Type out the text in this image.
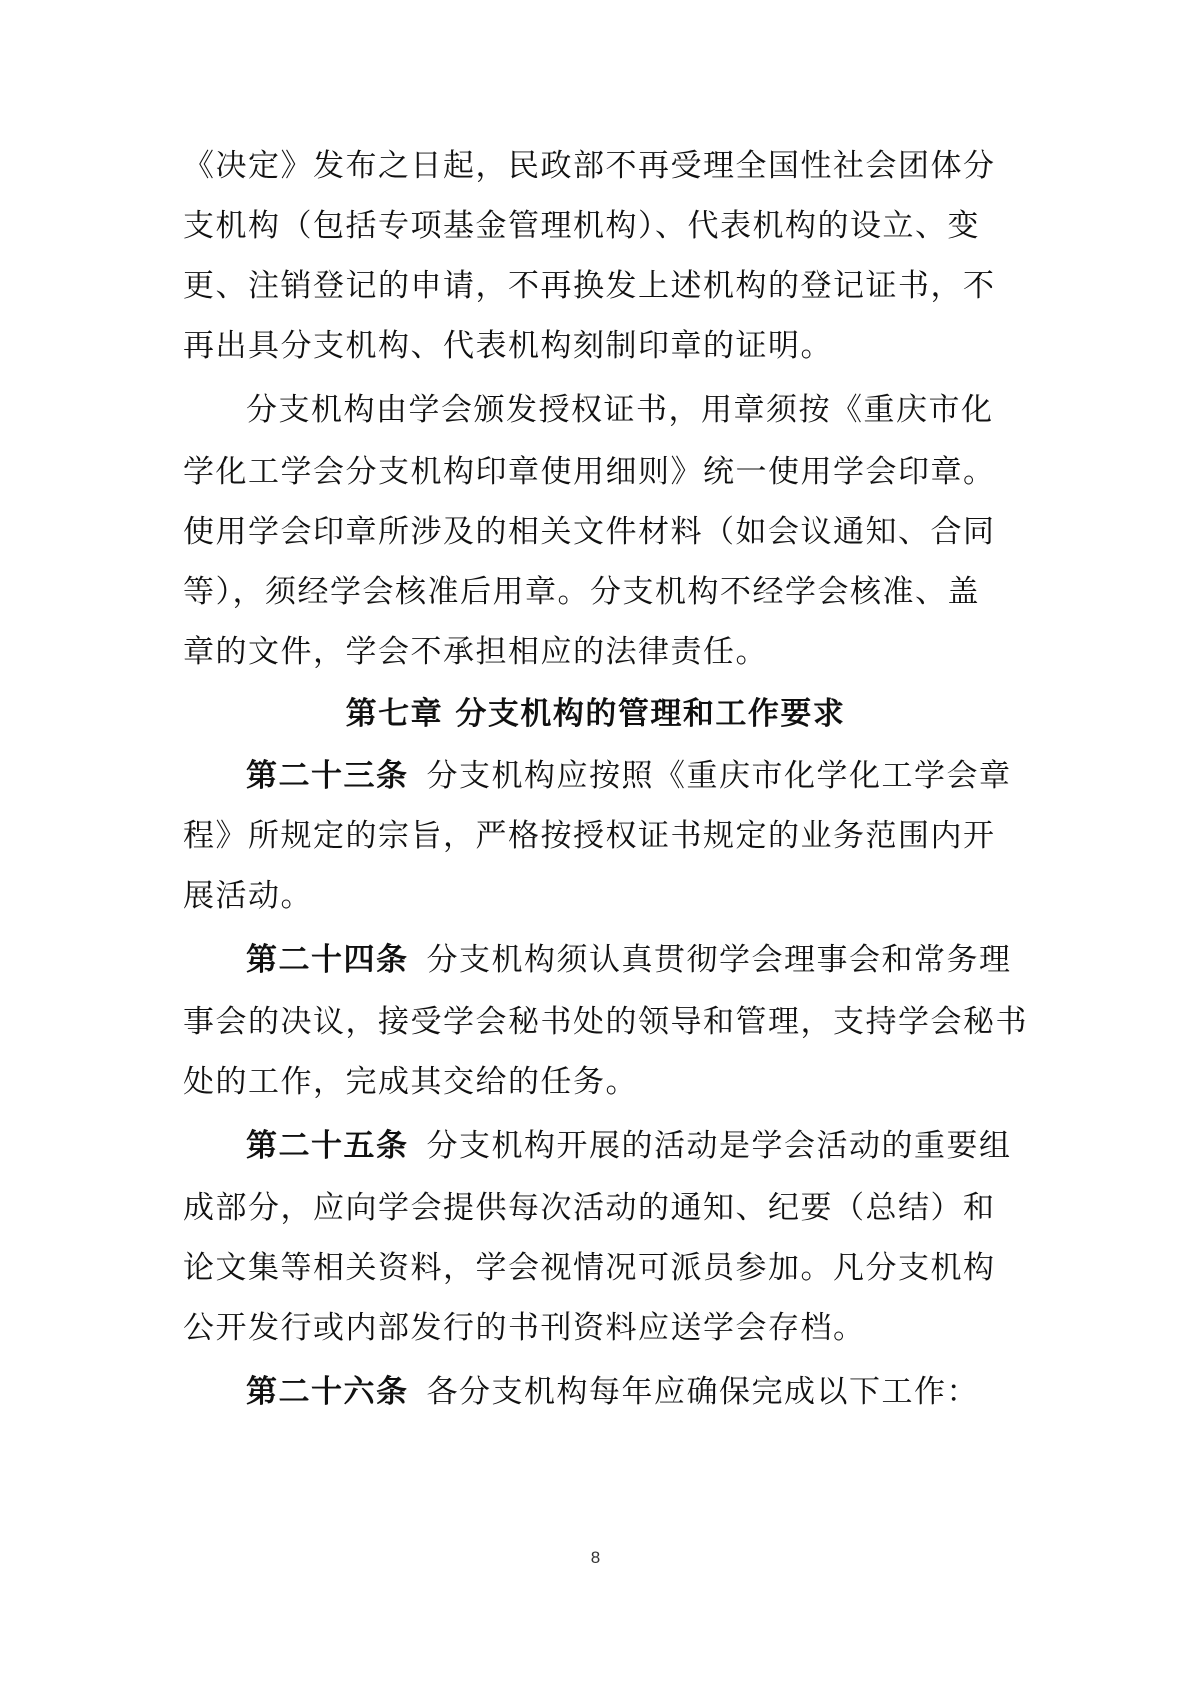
《决定》发布之日起，民政部不再受理全国性社会团体分
支机构（包括专项基金管理机构）、代表机构的设立、变
更、注销登记的申请，不再换发上述机构的登记证书，不
再出具分支机构、代表机构刻制印章的证明。
分支机构由学会颁发授权证书，用章须按《重庆市化
学化工学会分支机构印章使用细则》统一使用学会印章。
使用学会印章所涉及的相关文件材料（如会议通知、合同
等），须经学会核准后用章。分支机构不经学会核准、盖
章的文件，学会不承担相应的法律责任。
第七章 分支机构的管理和工作要求
第二十三条 分支机构应按照《重庆市化学化工学会章
程》所规定的宗旨，严格按授权证书规定的业务范围内开
展活动。
第二十四条 分支机构须认真贯彻学会理事会和常务理
事会的决议，接受学会秘书处的领导和管理，支持学会秘书
处的工作，完成其交给的任务。
第二十五条 分支机构开展的活动是学会活动的重要组
成部分，应向学会提供每次活动的通知、纪要（总结）和
论文集等相关资料，学会视情况可派员参加。凡分支机构
公开发行或内部发行的书刊资料应送学会存档。
第二十六条 各分支机构每年应确保完成以下工作：
8
